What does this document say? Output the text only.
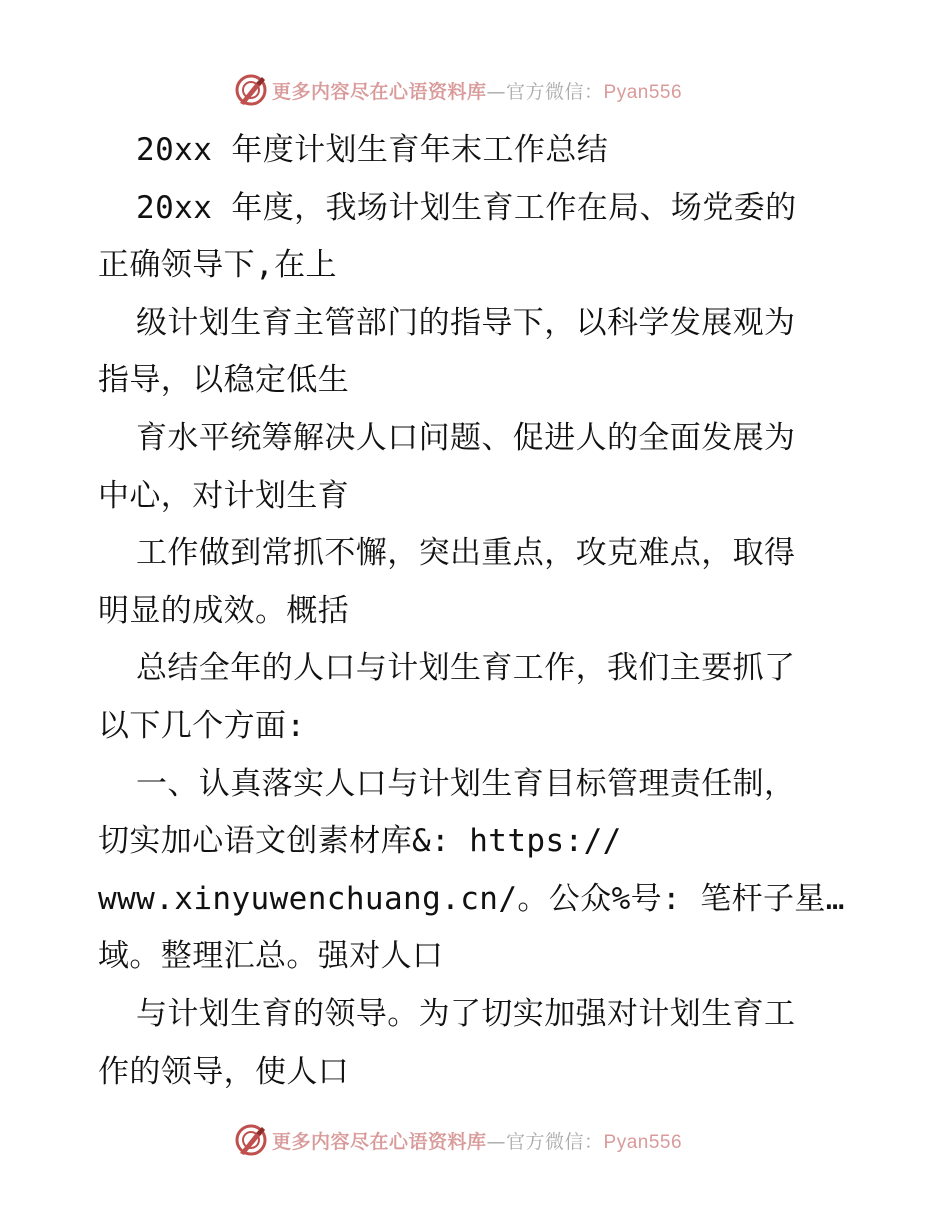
更多内容尽在心语资料库—官方微信：Pyan556
20xx 年度计划生育年末工作总结
20xx 年度，我场计划生育工作在局、场党委的
正确领导下,在上
级计划生育主管部门的指导下，以科学发展观为
指导，以稳定低生
育水平统筹解决人口问题、促进人的全面发展为
中心，对计划生育
工作做到常抓不懈，突出重点，攻克难点，取得
明显的成效。概括
总结全年的人口与计划生育工作，我们主要抓了
以下几个方面:
一、认真落实人口与计划生育目标管理责任制，
切实加心语文创素材库&: https://
www.xinyuwenchuang.cn/。公众%号: 笔杆子星…
域。整理汇总。强对人口
与计划生育的领导。为了切实加强对计划生育工
作的领导，使人口
更多内容尽在心语资料库—官方微信：Pyan556
